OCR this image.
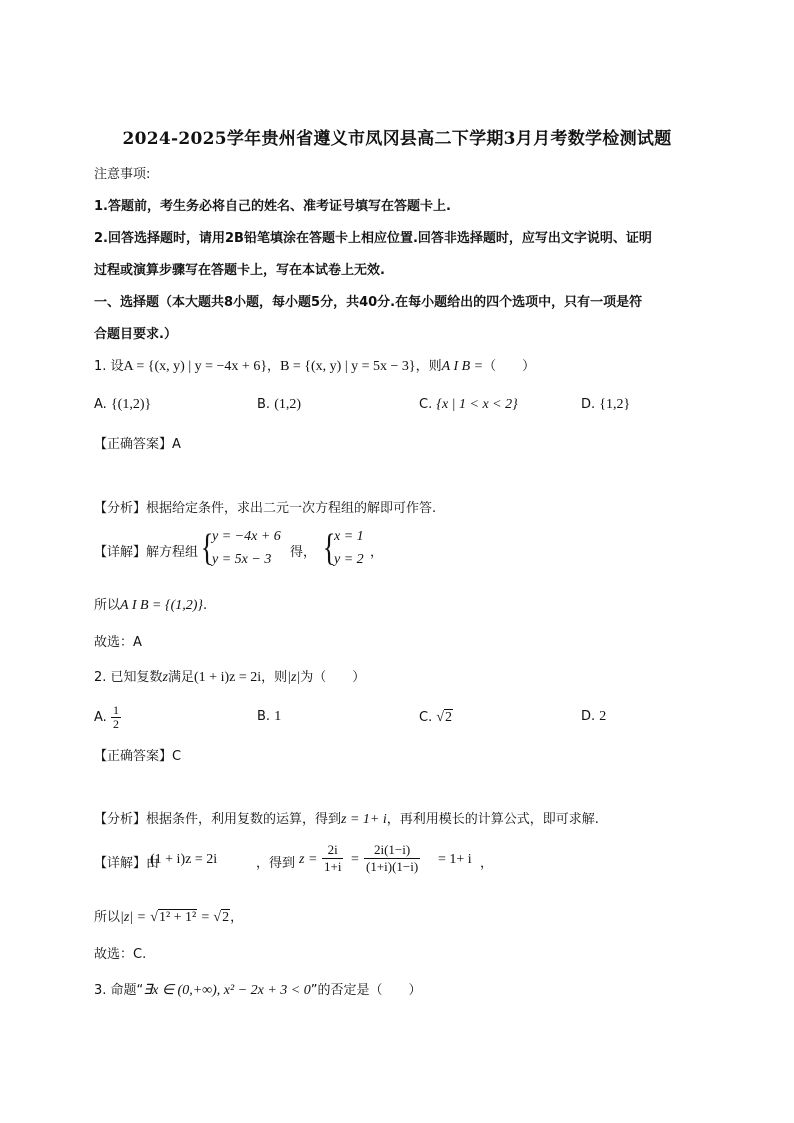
2024-2025学年贵州省遵义市凤冈县高二下学期3月月考数学检测试题
注意事项:
1.答题前，考生务必将自己的姓名、准考证号填写在答题卡上.
2.回答选择题时，请用2B铅笔填涂在答题卡上相应位置.回答非选择题时，应写出文字说明、证明
过程或演算步骤写在答题卡上，写在本试卷上无效.
一、选择题（本大题共8小题，每小题5分，共40分.在每小题给出的四个选项中，只有一项是符
合题目要求.）
1. 设A = {(x, y) | y = −4x + 6}，B = {(x, y) | y = 5x − 3}，则A I B =（　　）
A. {(1,2)}	B. (1,2)	C. {x | 1 < x < 2}	D. {1,2}
【正确答案】A
【分析】根据给定条件，求出二元一次方程组的解即可作答.
【详解】解方程组 {
y = −4x + 6
y = 5x − 3 得， {
x = 1
y = 2 ，
所以A I B = {(1,2)}.
故选：A
2. 已知复数z满足(1 + i)z = 2i，则|z|为（　　）
A. $\frac{1}{2}$	B. 1	C. √2	D. 2
【正确答案】C
【分析】根据条件，利用复数的运算，得到z = 1+ i，再利用模长的计算公式，即可求解.
【详解】由
(1 + i)z = 2i	，得到 $z = \frac{2i}{1+i} = \frac{2i(1-i)}{(1+i)(1-i)} = 1+ i$ ，
所以|z| = √1² + 1² = √2，
故选：C.
3. 命题“∃x ∈ (0,+∞), x² − 2x + 3 < 0”的否定是（　　）
